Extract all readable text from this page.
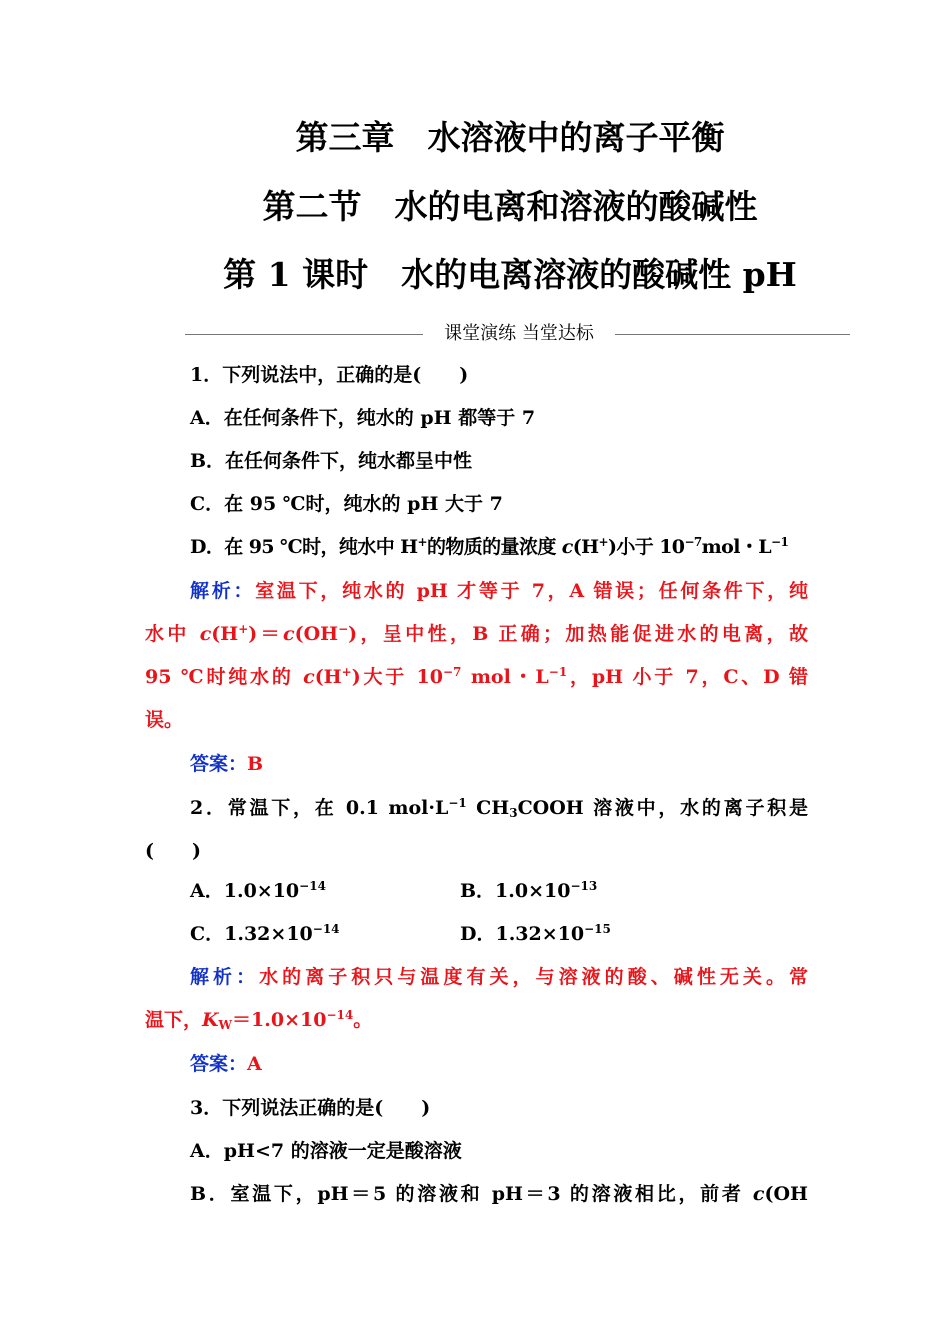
第三章　水溶液中的离子平衡
第二节　水的电离和溶液的酸碱性
第 1 课时　水的电离溶液的酸碱性 pH
课堂演练 当堂达标
1．下列说法中，正确的是(　　)
A．在任何条件下，纯水的 pH 都等于 7
B．在任何条件下，纯水都呈中性
C．在 95 ℃时，纯水的 pH 大于 7
D．在 95 ℃时，纯水中 H+的物质的量浓度 c(H+)小于 $10^{-7}mol$・$L^{-1}$
解析：室温下，纯水的 pH 才等于 7，A 错误；任何条件下，纯
水中 c(H+)＝c(OH−)，呈中性，B 正确；加热能促进水的电离，故
95 ℃时纯水的 c(H+)大于 $10^{-7}$ mol・$L^{-1}$，pH 小于 7，C、D 错
误。
答案：B
2．常温下，在 0.1 $mol\cdot L^{-1}$ $CH_3COOH$ 溶液中，水的离子积是
(　　)
A．$1.0\times 10^{-14}$	B．$1.0\times 10^{-13}$
C．$1.32\times 10^{-14}$	D．$1.32\times 10^{-15}$
解析：水的离子积只与温度有关，与溶液的酸、碱性无关。常
温下，$K_W=1.0\times 10^{-14}$。
答案：A
3．下列说法正确的是(　　)
A．pH<7 的溶液一定是酸溶液
B．室温下，pH＝5 的溶液和 pH＝3 的溶液相比，前者 c(OH
